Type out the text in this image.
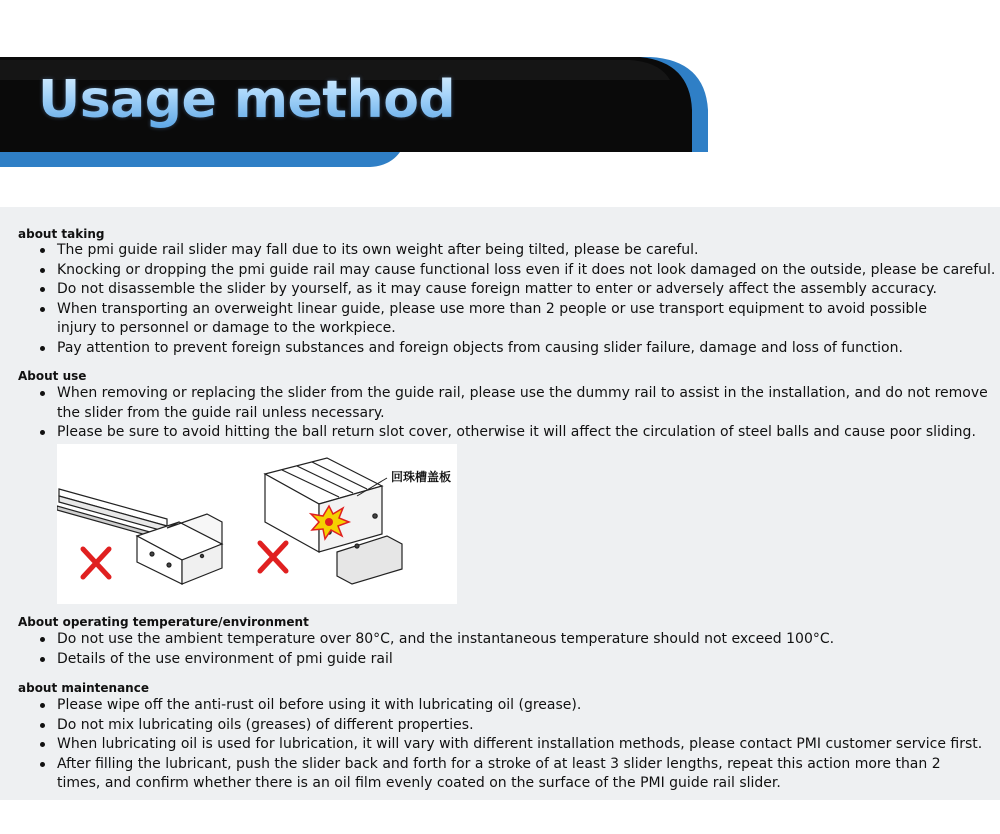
Usage method
about taking
The pmi guide rail slider may fall due to its own weight after being tilted, please be careful.
Knocking or dropping the pmi guide rail may cause functional loss even if it does not look damaged on the outside, please be careful.
Do not disassemble the slider by yourself, as it may cause foreign matter to enter or adversely affect the assembly accuracy.
When transporting an overweight linear guide, please use more than 2 people or use transport equipment to avoid possible injury to personnel or damage to the workpiece.
Pay attention to prevent foreign substances and foreign objects from causing slider failure, damage and loss of function.
About use
When removing or replacing the slider from the guide rail, please use the dummy rail to assist in the installation, and do not remove the slider from the guide rail unless necessary.
Please be sure to avoid hitting the ball return slot cover, otherwise it will affect the circulation of steel balls and cause poor sliding.
回珠槽盖板
About operating temperature/environment
Do not use the ambient temperature over 80°C, and the instantaneous temperature should not exceed 100°C.
Details of the use environment of pmi guide rail
about maintenance
Please wipe off the anti-rust oil before using it with lubricating oil (grease).
Do not mix lubricating oils (greases) of different properties.
When lubricating oil is used for lubrication, it will vary with different installation methods, please contact PMI customer service first.
After filling the lubricant, push the slider back and forth for a stroke of at least 3 slider lengths, repeat this action more than 2 times, and confirm whether there is an oil film evenly coated on the surface of the PMI guide rail slider.
